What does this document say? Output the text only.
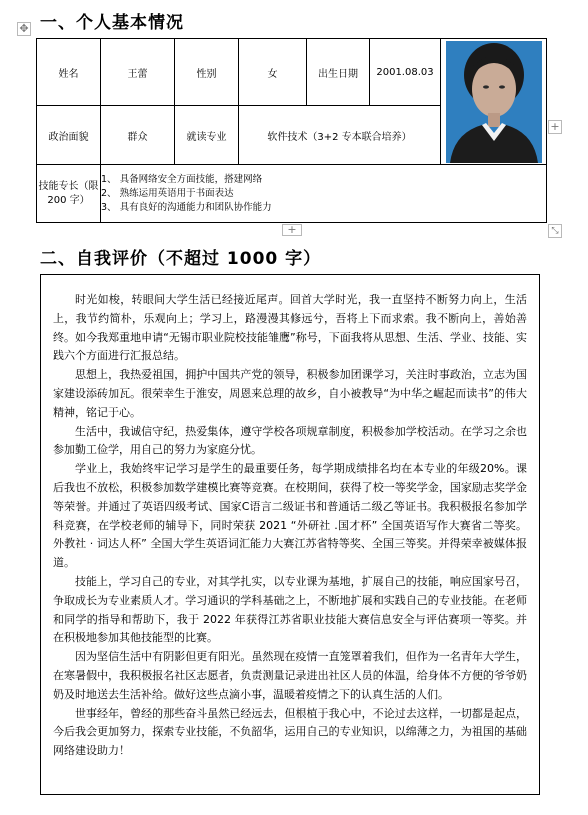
✥ 一、个人基本情况
姓名	王蕾	性别	女	出生日期	2001.08.03	

政治面貌	群众	就读专业	软件技术（3+2 专本联合培养）			
技能专长（限 200 字）	1、 具备网络安全方面技能，搭建网络
2、 熟练运用英语用于书面表达
3、 具有良好的沟通能力和团队协作能力					
+
+	⤡
二、自我评价（不超过 1000 字）

时光如梭，转眼间大学生活已经接近尾声。回首大学时光，我一直坚持不断努力向上，生活上，我节约简朴，乐观向上；学习上，路漫漫其修远兮，吾将上下而求索。我不断向上，善始善终。如今我郑重地申请“无锡市职业院校技能雏鹰”称号，下面我将从思想、生活、学业、技能、实践六个方面进行汇报总结。

思想上，我热爱祖国，拥护中国共产党的领导，积极参加团课学习，关注时事政治，立志为国家建设添砖加瓦。很荣幸生于淮安，周恩来总理的故乡，自小被教导“为中华之崛起而读书”的伟大精神，铭记于心。

生活中，我诚信守纪，热爱集体，遵守学校各项规章制度，积极参加学校活动。在学习之余也参加勤工俭学，用自己的努力为家庭分忧。

学业上，我始终牢记学习是学生的最重要任务，每学期成绩排名均在本专业的年级20%。课后我也不放松，积极参加数学建模比赛等竞赛。在校期间，获得了校一等奖学金，国家励志奖学金等荣誉。并通过了英语四级考试、国家C语言二级证书和普通话二级乙等证书。我积极报名参加学科竞赛，在学校老师的辅导下，同时荣获 2021 “外研社 .国才杯” 全国英语写作大赛省二等奖。外教社 · 词达人杯” 全国大学生英语词汇能力大赛江苏省特等奖、全国三等奖。并得荣幸被媒体报道。

技能上，学习自己的专业，对其学扎实，以专业课为基地，扩展自己的技能，响应国家号召，争取成长为专业素质人才。学习通识的学科基础之上，不断地扩展和实践自己的专业技能。在老师和同学的指导和帮助下，我于 2022 年获得江苏省职业技能大赛信息安全与评估赛项一等奖。并在积极地参加其他技能型的比赛。

因为坚信生活中有阴影但更有阳光。虽然现在疫情一直笼罩着我们，但作为一名青年大学生，在寒暑假中，我积极报名社区志愿者，负责测量记录进出社区人员的体温，给身体不方便的爷爷奶奶及时地送去生活补给。做好这些点滴小事，温暖着疫情之下的认真生活的人们。

世事经年，曾经的那些奋斗虽然已经远去，但根植于我心中，不论过去这样，一切都是起点，今后我会更加努力，探索专业技能，不负韶华，运用自己的专业知识，以绵薄之力，为祖国的基础网络建设助力！
